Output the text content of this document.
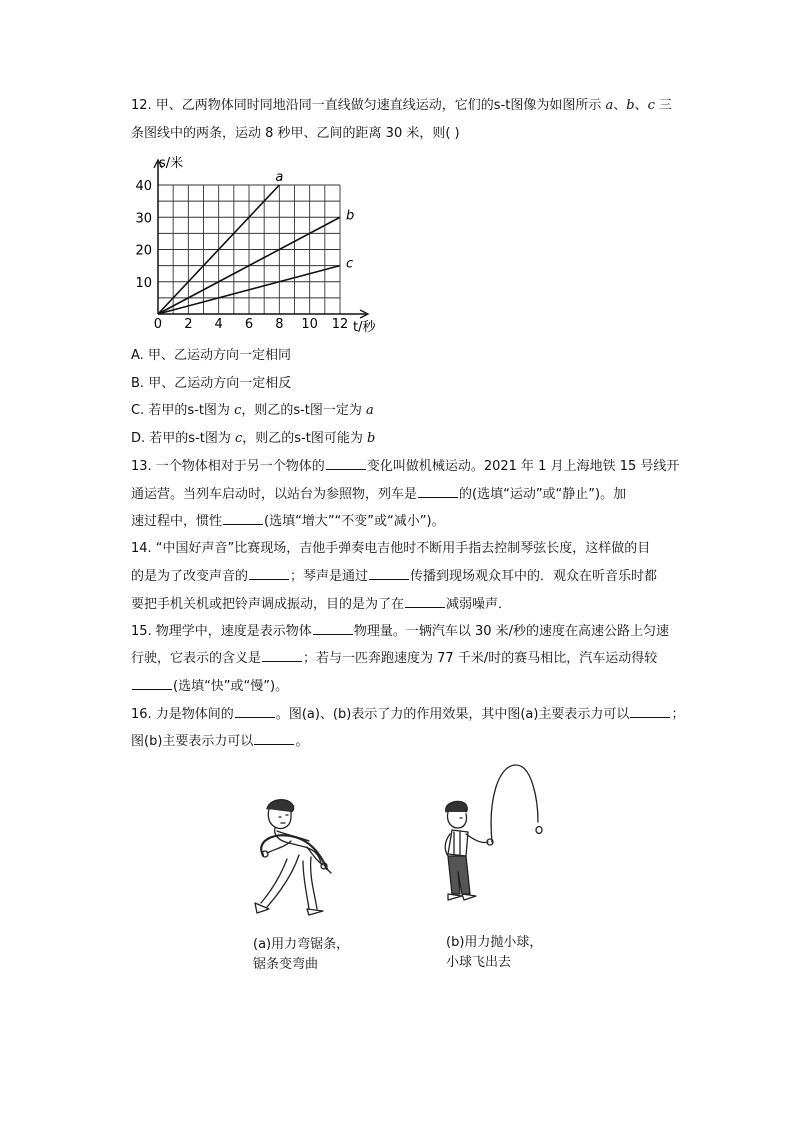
12. 甲、乙两物体同时同地沿同一直线做匀速直线运动，它们的s-t图像为如图所示 a、b、c 三
条图线中的两条，运动 8 秒甲、乙间的距离 30 米，则( )
a
b
c
0 2 4 6 8 10 12
10
20
30
40
s/米
t/秒
A. 甲、乙运动方向一定相同
B. 甲、乙运动方向一定相反
C. 若甲的s-t图为 c，则乙的s-t图一定为 a
D. 若甲的s-t图为 c，则乙的s-t图可能为 b
13. 一个物体相对于另一个物体的	变化叫做机械运动。2021 年 1 月上海地铁 15 号线开
通运营。当列车启动时，以站台为参照物，列车是	的(选填“运动”或“静止”)。加
速过程中，惯性	(选填“增大”“不变”或“减小”)。
14. “中国好声音”比赛现场，吉他手弹奏电吉他时不断用手指去控制琴弦长度，这样做的目
的是为了改变声音的	；琴声是通过	传播到现场观众耳中的．观众在听音乐时都
要把手机关机或把铃声调成振动，目的是为了在	减弱噪声．
15. 物理学中，速度是表示物体	物理量。一辆汽车以 30 米/秒的速度在高速公路上匀速
行驶，它表示的含义是	；若与一匹奔跑速度为 77 千米/时的赛马相比，汽车运动得较
(选填“快”或“慢”)。
16. 力是物体间的	。图(a)、(b)表示了力的作用效果，其中图(a)主要表示力可以	；
图(b)主要表示力可以	。
(a)用力弯锯条，
锯条变弯曲
(b)用力抛小球，
小球飞出去
